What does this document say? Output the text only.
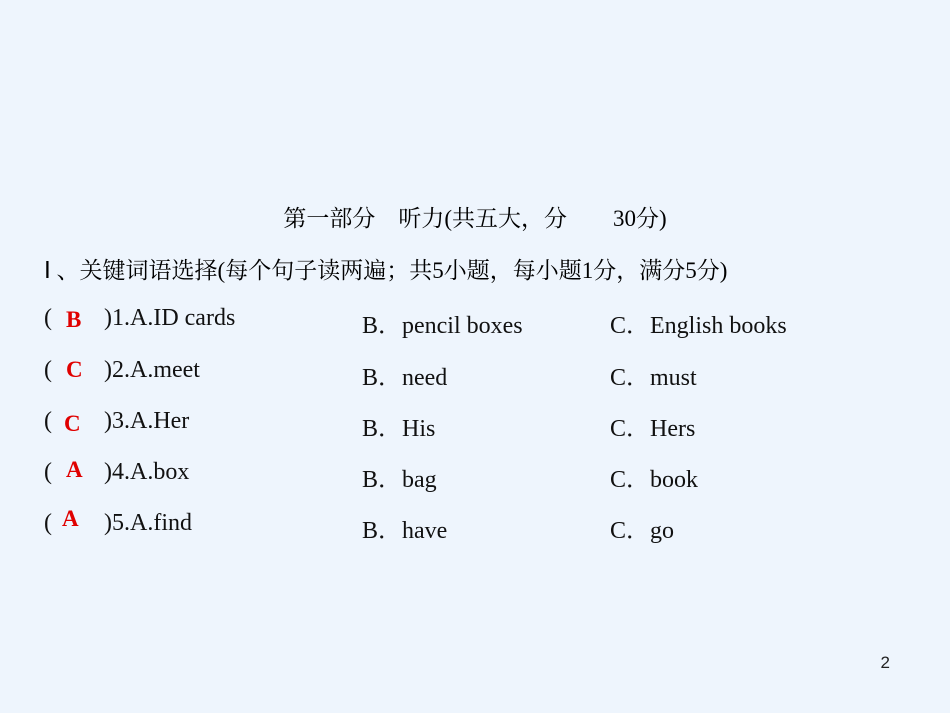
第一部分　听力(共五大，分　　30分)
Ⅰ 、关键词语选择(每个句子读两遍；共5小题，每小题1分，满分5分)
( B )1.A.ID cards	B．pencil boxes	C．English books
( C )2.A.meet	B．need	C．must
( C )3.A.Her	B．His	C．Hers
( A )4.A.box	B．bag	C．book
( A )5.A.find	B．have	C．go
2
